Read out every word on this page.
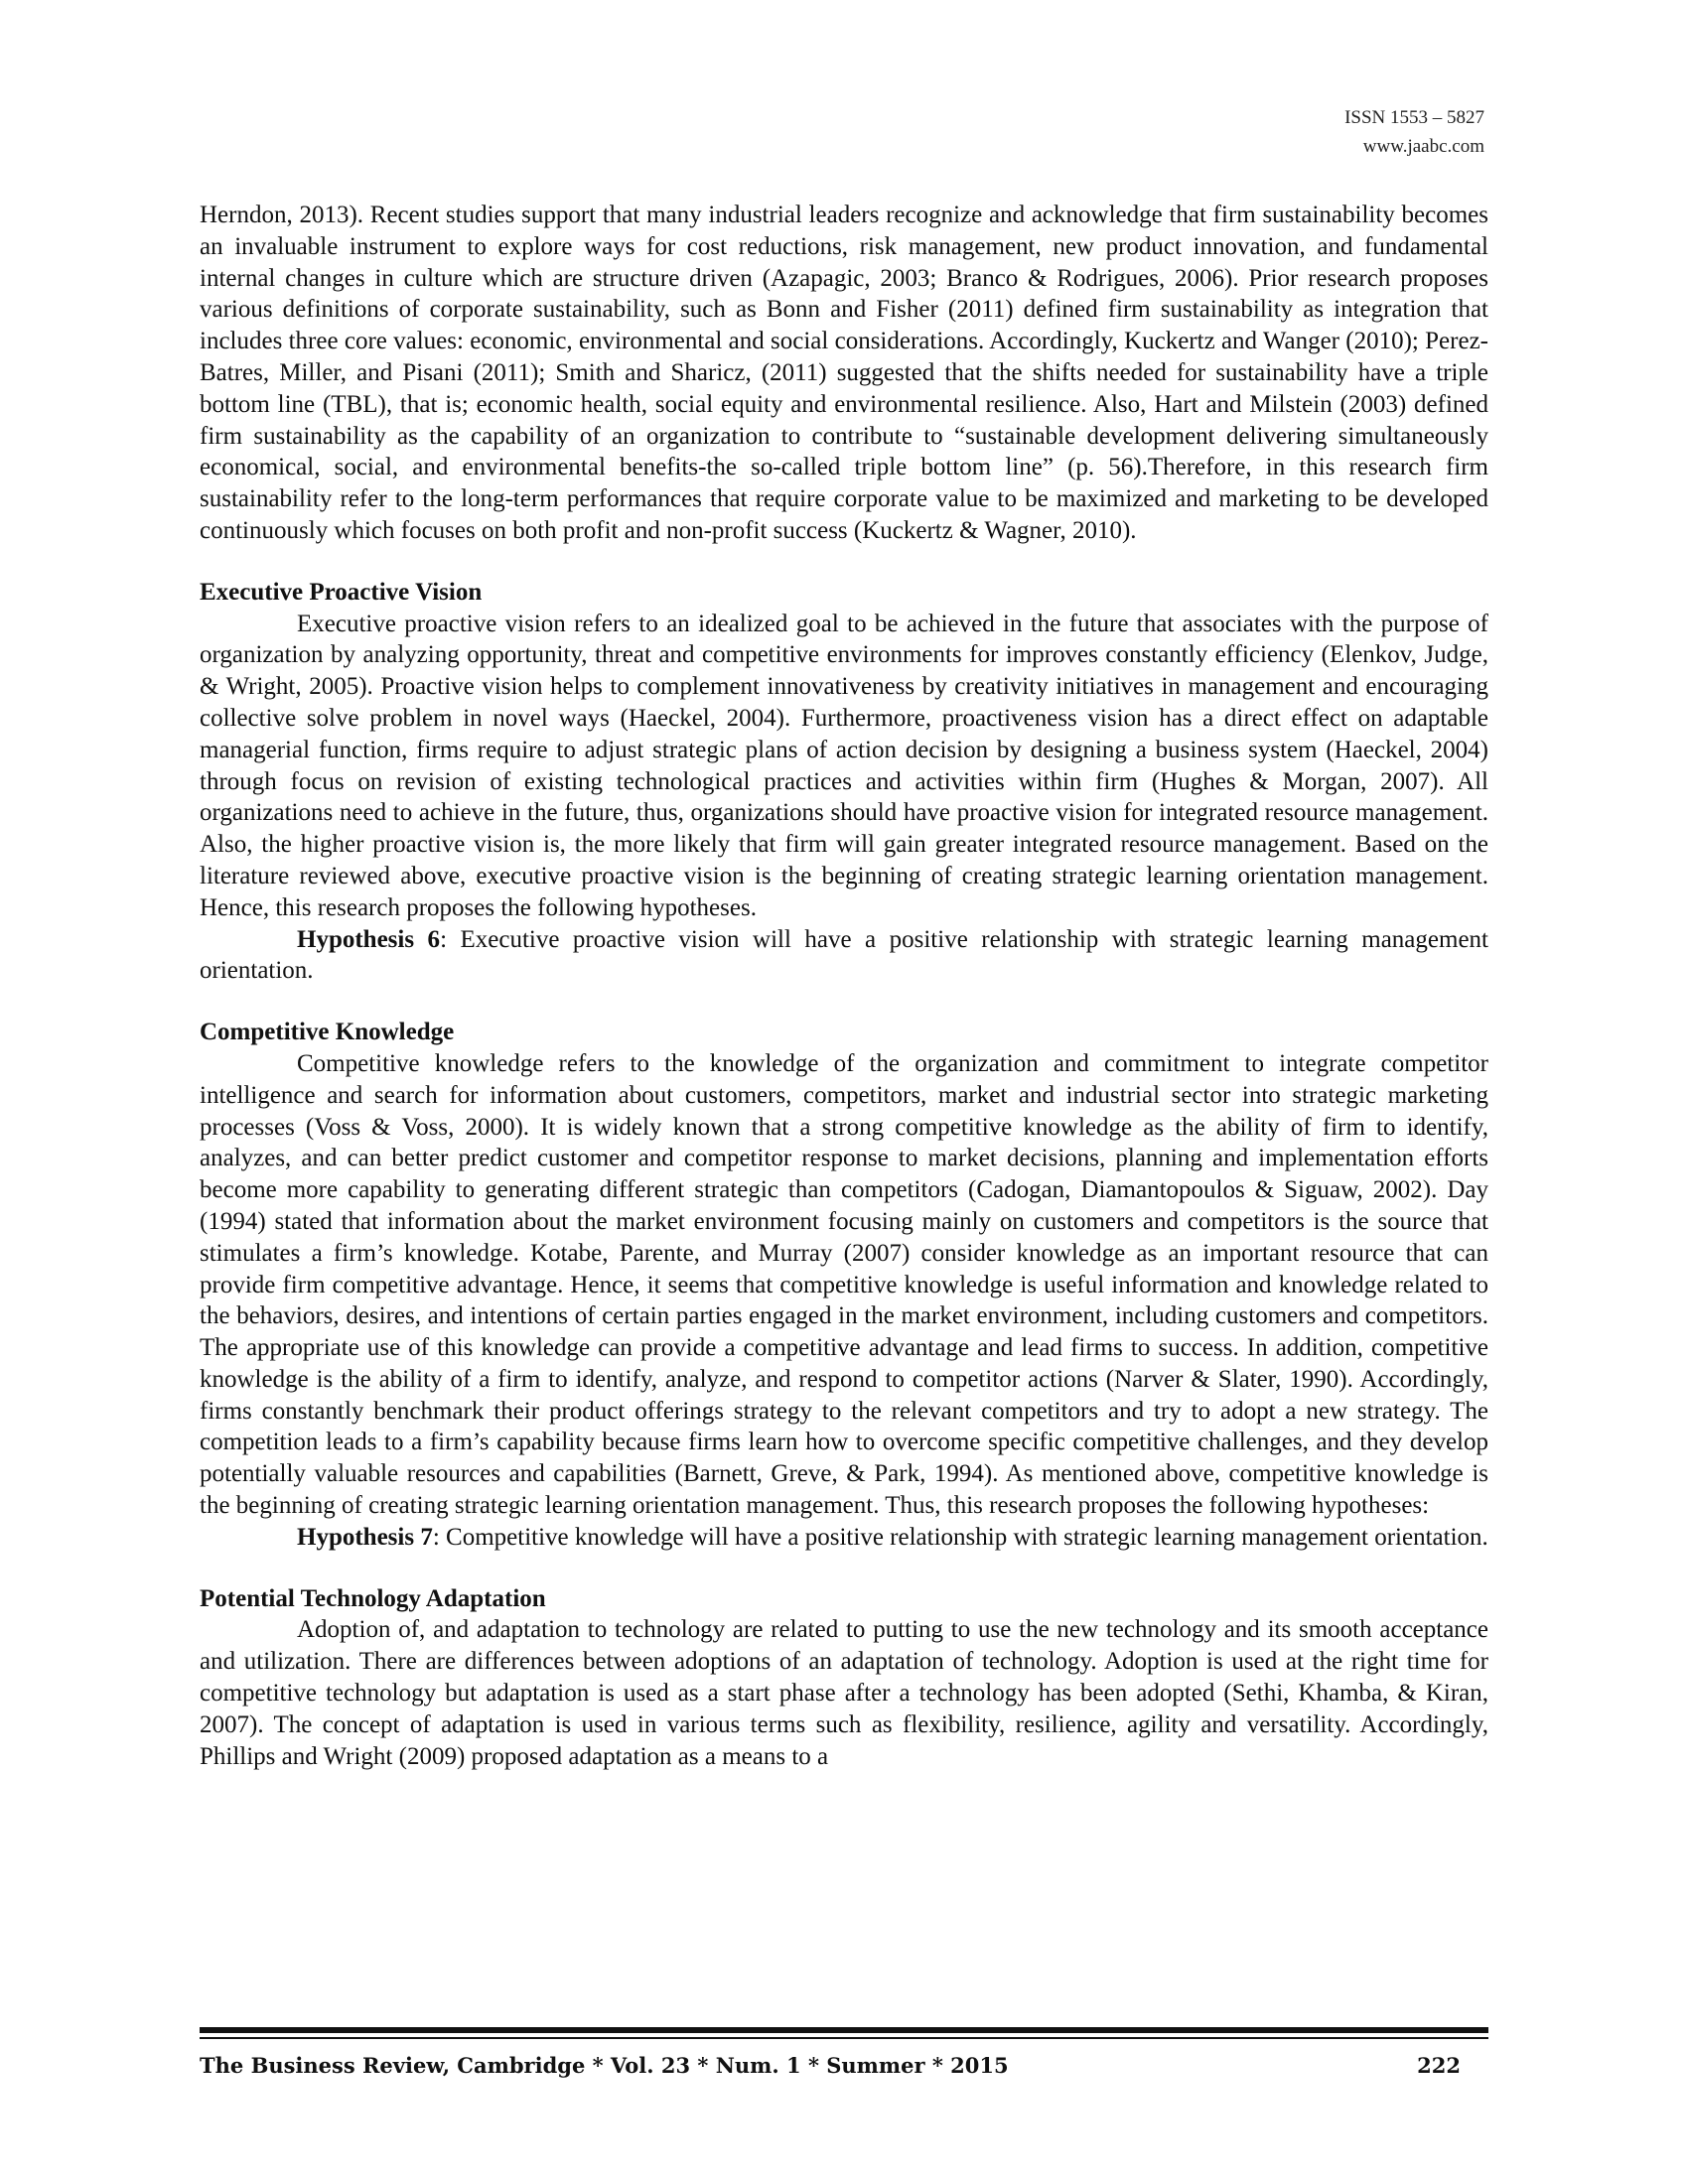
ISSN 1553 – 5827
www.jaabc.com

Herndon, 2013). Recent studies support that many industrial leaders recognize and acknowledge that firm sustainability becomes an invaluable instrument to explore ways for cost reductions, risk management, new product innovation, and fundamental internal changes in culture which are structure driven (Azapagic, 2003; Branco & Rodrigues, 2006). Prior research proposes various definitions of corporate sustainability, such as Bonn and Fisher (2011) defined firm sustainability as integration that includes three core values: economic, environmental and social considerations. Accordingly, Kuckertz and Wanger (2010); Perez-Batres, Miller, and Pisani (2011); Smith and Sharicz, (2011) suggested that the shifts needed for sustainability have a triple bottom line (TBL), that is; economic health, social equity and environmental resilience. Also, Hart and Milstein (2003) defined firm sustainability as the capability of an organization to contribute to “sustainable development delivering simultaneously economical, social, and environmental benefits-the so-called triple bottom line” (p. 56).Therefore, in this research firm sustainability refer to the long-term performances that require corporate value to be maximized and marketing to be developed continuously which focuses on both profit and non-profit success (Kuckertz & Wagner, 2010).

Executive Proactive Vision

Executive proactive vision refers to an idealized goal to be achieved in the future that associates with the purpose of organization by analyzing opportunity, threat and competitive environments for improves constantly efficiency (Elenkov, Judge, & Wright, 2005). Proactive vision helps to complement innovativeness by creativity initiatives in management and encouraging collective solve problem in novel ways (Haeckel, 2004). Furthermore, proactiveness vision has a direct effect on adaptable managerial function, firms require to adjust strategic plans of action decision by designing a business system (Haeckel, 2004) through focus on revision of existing technological practices and activities within firm (Hughes & Morgan, 2007). All organizations need to achieve in the future, thus, organizations should have proactive vision for integrated resource management. Also, the higher proactive vision is, the more likely that firm will gain greater integrated resource management. Based on the literature reviewed above, executive proactive vision is the beginning of creating strategic learning orientation management. Hence, this research proposes the following hypotheses.

Hypothesis 6: Executive proactive vision will have a positive relationship with strategic learning management orientation.

Competitive Knowledge

Competitive knowledge refers to the knowledge of the organization and commitment to integrate competitor intelligence and search for information about customers, competitors, market and industrial sector into strategic marketing processes (Voss & Voss, 2000). It is widely known that a strong competitive knowledge as the ability of firm to identify, analyzes, and can better predict customer and competitor response to market decisions, planning and implementation efforts become more capability to generating different strategic than competitors (Cadogan, Diamantopoulos & Siguaw, 2002). Day (1994) stated that information about the market environment focusing mainly on customers and competitors is the source that stimulates a firm’s knowledge. Kotabe, Parente, and Murray (2007) consider knowledge as an important resource that can provide firm competitive advantage. Hence, it seems that competitive knowledge is useful information and knowledge related to the behaviors, desires, and intentions of certain parties engaged in the market environment, including customers and competitors. The appropriate use of this knowledge can provide a competitive advantage and lead firms to success. In addition, competitive knowledge is the ability of a firm to identify, analyze, and respond to competitor actions (Narver & Slater, 1990). Accordingly, firms constantly benchmark their product offerings strategy to the relevant competitors and try to adopt a new strategy. The competition leads to a firm’s capability because firms learn how to overcome specific competitive challenges, and they develop potentially valuable resources and capabilities (Barnett, Greve, & Park, 1994). As mentioned above, competitive knowledge is the beginning of creating strategic learning orientation management. Thus, this research proposes the following hypotheses:

Hypothesis 7: Competitive knowledge will have a positive relationship with strategic learning management orientation.

Potential Technology Adaptation

Adoption of, and adaptation to technology are related to putting to use the new technology and its smooth acceptance and utilization. There are differences between adoptions of an adaptation of technology. Adoption is used at the right time for competitive technology but adaptation is used as a start phase after a technology has been adopted (Sethi, Khamba, & Kiran, 2007). The concept of adaptation is used in various terms such as flexibility, resilience, agility and versatility. Accordingly, Phillips and Wright (2009) proposed adaptation as a means to a

The Business Review, Cambridge * Vol. 23 * Num. 1 * Summer * 2015	222
